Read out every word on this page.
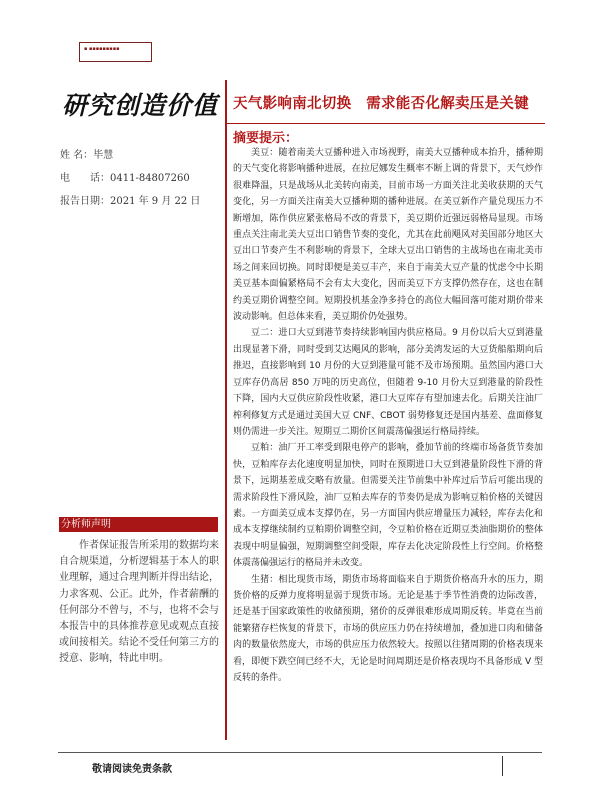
▪ ▪▪▪▪▪▪▪▪▪
研究创造价值 天气影响南北切换　需求能否化解卖压是关键
姓 名：毕慧
电　　话：0411-84807260
报告日期：2021 年 9 月 22 日
摘要提示：

美豆：随着南美大豆播种进入市场视野，南美大豆播种成本抬升，播种期的天气变化将影响播种进展，在拉尼娜发生概率不断上调的背景下，天气炒作很难降温，只是战场从北美转向南美，目前市场一方面关注北美收获期的天气变化，另一方面关注南美大豆播种期的播种进展。在美豆新作产量兑现压力不断增加，陈作供应紧张格局不改的背景下，美豆期价近强远弱格局显现。市场重点关注南北美大豆出口销售节奏的变化，尤其在此前飓风对美国部分地区大豆出口节奏产生不利影响的背景下，全球大豆出口销售的主战场也在南北美市场之间来回切换。同时即便是美豆丰产，来自于南美大豆产量的忧虑令中长期美豆基本面偏紧格局不会有太大变化，因而美豆下方支撑仍然存在，这也在制约美豆期价调整空间。短期投机基金净多持仓的高位大幅回落可能对期价带来波动影响。但总体来看，美豆期价仍处强势。

豆二：进口大豆到港节奏持续影响国内供应格局。9 月份以后大豆到港量出现显著下滑，同时受到艾达飓风的影响，部分美湾发运的大豆货船船期向后推迟，直接影响到 10 月份的大豆到港量可能不及市场预期。虽然国内港口大豆库存仍高居 850 万吨的历史高位，但随着 9-10 月份大豆到港量的阶段性下降，国内大豆供应阶段性收紧，港口大豆库存有望加速去化。后期关注油厂榨利修复方式是通过美国大豆 CNF、CBOT 弱势修复还是国内基差、盘面修复则仍需进一步关注。短期豆二期价区间震荡偏强运行格局持续。

豆粕：油厂开工率受到限电停产的影响，叠加节前的终端市场备货节奏加快，豆粕库存去化速度明显加快，同时在预期进口大豆到港量阶段性下滑的背景下，远期基差成交略有放量。但需要关注节前集中补库过后节后可能出现的需求阶段性下滑风险，油厂豆粕去库存的节奏仍是成为影响豆粕价格的关键因素。一方面美豆成本支撑仍在，另一方面国内供应增量压力减轻，库存去化和成本支撑继续制约豆粕期价调整空间，令豆粕价格在近期豆类油脂期价的整体表现中明显偏强，短期调整空间受限，库存去化决定阶段性上行空间。价格整体震荡偏强运行的格局并未改变。

生猪：相比现货市场，期货市场将面临来自于期货价格高升水的压力，期货价格的反弹力度将明显弱于现货市场。无论是基于季节性消费的边际改善，还是基于国家政策性的收储预期，猪价的反弹很难形成周期反转。毕竟在当前能繁猪存栏恢复的背景下，市场的供应压力仍在持续增加，叠加进口肉和储备肉的数量依然庞大，市场的供应压力依然较大。按照以往猪周期的价格表现来看，即便下跌空间已经不大，无论是时间周期还是价格表现均不具备形成 V 型反转的条件。

分析师声明

作者保证报告所采用的数据均来自合规渠道，分析逻辑基于本人的职业理解，通过合理判断并得出结论，力求客观、公正。此外，作者薪酬的任何部分不曾与，不与，也将不会与本报告中的具体推荐意见或观点直接或间接相关。结论不受任何第三方的授意、影响，特此申明。

敬请阅读免责条款
